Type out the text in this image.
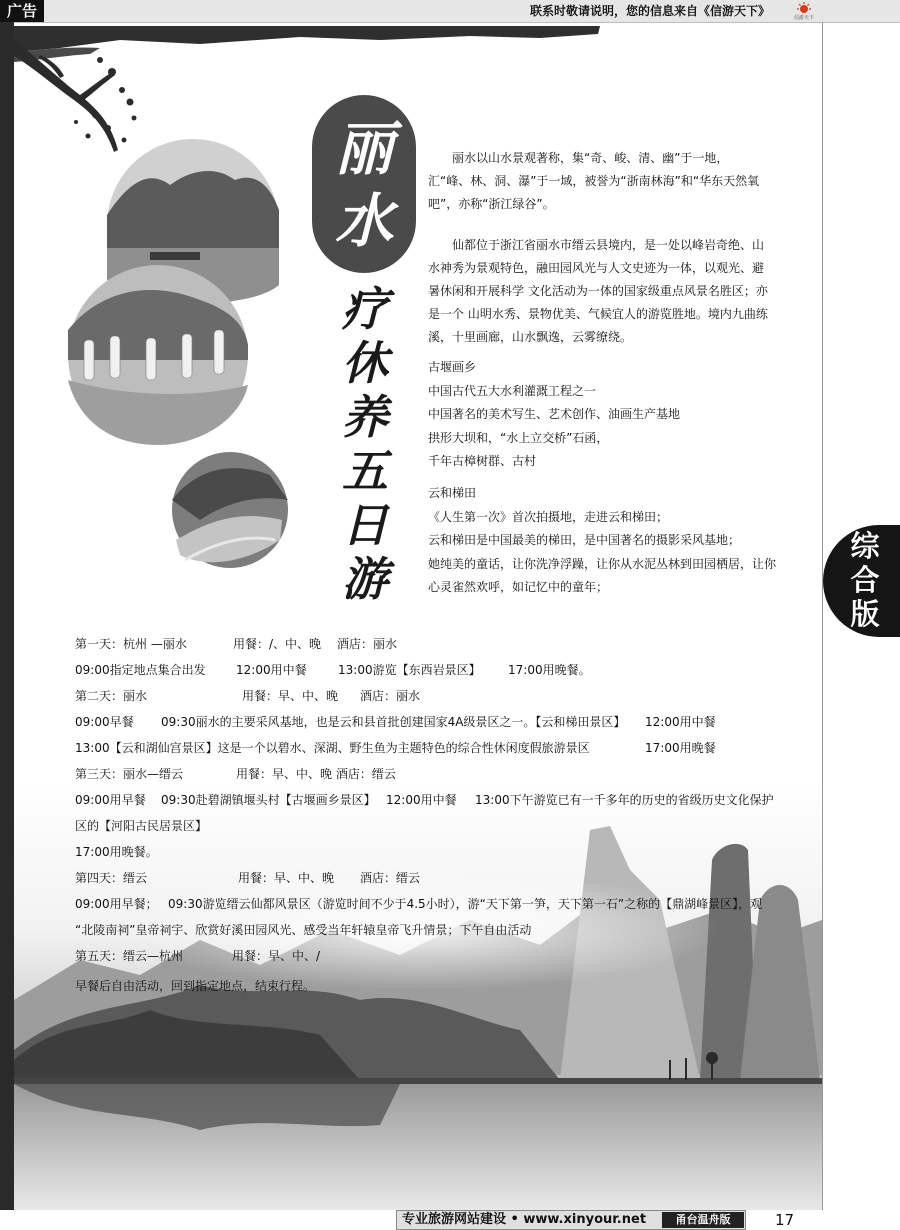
广告	联系时敬请说明，您的信息来自《信游天下》	信游天下
丽
水
疗休养五日游

丽水以山水景观著称，集“奇、峻、清、幽”于一地，汇“峰、林、洞、瀑”于一域，被誉为“浙南林海”和“华东天然氧吧”，亦称“浙江绿谷”。

仙都位于浙江省丽水市缙云县境内，是一处以峰岩奇绝、山水神秀为景观特色，融田园风光与人文史迹为一体，以观光、避暑休闲和开展科学 文化活动为一体的国家级重点风景名胜区；亦是一个 山明水秀、景物优美、气候宜人的游览胜地。境内九曲练溪，十里画廊，山水飘逸，云雾缭绕。

古堰画乡
中国古代五大水利灌溉工程之一
中国著名的美术写生、艺术创作、油画生产基地
拱形大坝和，“水上立交桥”石函，
千年古樟树群、古村
云和梯田
《人生第一次》首次拍摄地，走进云和梯田；
云和梯田是中国最美的梯田，是中国著名的摄影采风基地；
她纯美的童话，让你洗净浮躁，让你从水泥丛林到田园栖居，让你
心灵雀然欢呼，如记忆中的童年；
第一天：杭州 —丽水	用餐：/、中、晚 酒店：丽水
09:00指定地点集合出发	12:00用中餐	13:00游览【东西岩景区】 17:00用晚餐。
第二天：丽水	用餐：早、中、晚 酒店：丽水
09:00早餐 09:30丽水的主要采风基地，也是云和县首批创建国家4A级景区之一。【云和梯田景区】 12:00用中餐
13:00【云和湖仙宫景区】这是一个以碧水、深湖、野生鱼为主题特色的综合性休闲度假旅游景区	17:00用晚餐
第三天：丽水—缙云	用餐：早、中、晚 酒店：缙云
09:00用早餐 09:30赴碧湖镇堰头村【古堰画乡景区】 12:00用中餐 13:00下午游览已有一千多年的历史的省级历史文化保护
区的【河阳古民居景区】
17:00用晚餐。
第四天：缙云	用餐：早、中、晚 酒店：缙云
09:00用早餐； 09:30游览缙云仙都风景区（游览时间不少于4.5小时），游“天下第一笋，天下第一石”之称的【鼎湖峰景区】，观
“北陵南祠”皇帝祠宇、欣赏好溪田园风光、感受当年轩辕皇帝飞升情景；下午自由活动
第五天：缙云—杭州	用餐：早、中、/
早餐后自由活动，回到指定地点，结束行程。
综合版
专业旅游网站建设 • www.xinyour.net	甬台温舟版	17
